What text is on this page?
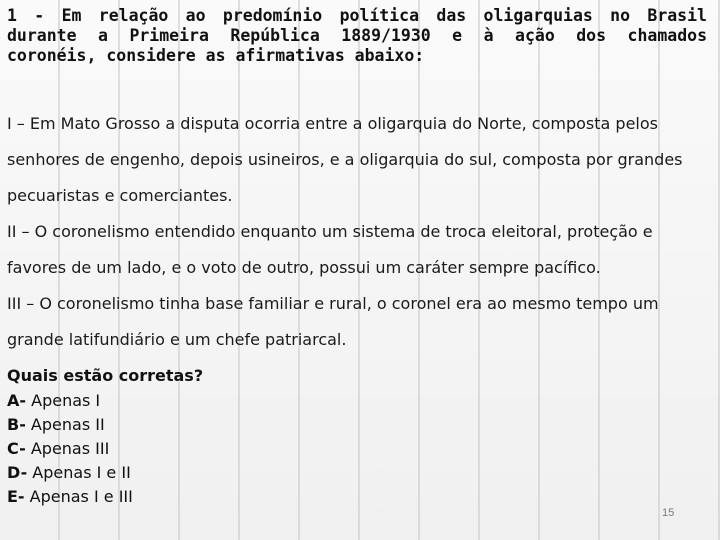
1 - Em relação ao predomínio política das oligarquias no Brasil
durante a Primeira República 1889/1930 e à ação dos chamados
coronéis, considere as afirmativas abaixo:
I – Em Mato Grosso a disputa ocorria entre a oligarquia do Norte, composta pelos
senhores de engenho, depois usineiros, e a oligarquia do sul, composta por grandes
pecuaristas e comerciantes.
II – O coronelismo entendido enquanto um sistema de troca eleitoral, proteção e
favores de um lado, e o voto de outro, possui um caráter sempre pacífico.
III – O coronelismo tinha base familiar e rural, o coronel era ao mesmo tempo um
grande latifundiário e um chefe patriarcal.
Quais estão corretas?
A- Apenas I
B- Apenas II
C- Apenas III
D- Apenas I e II
E- Apenas I e III
15
